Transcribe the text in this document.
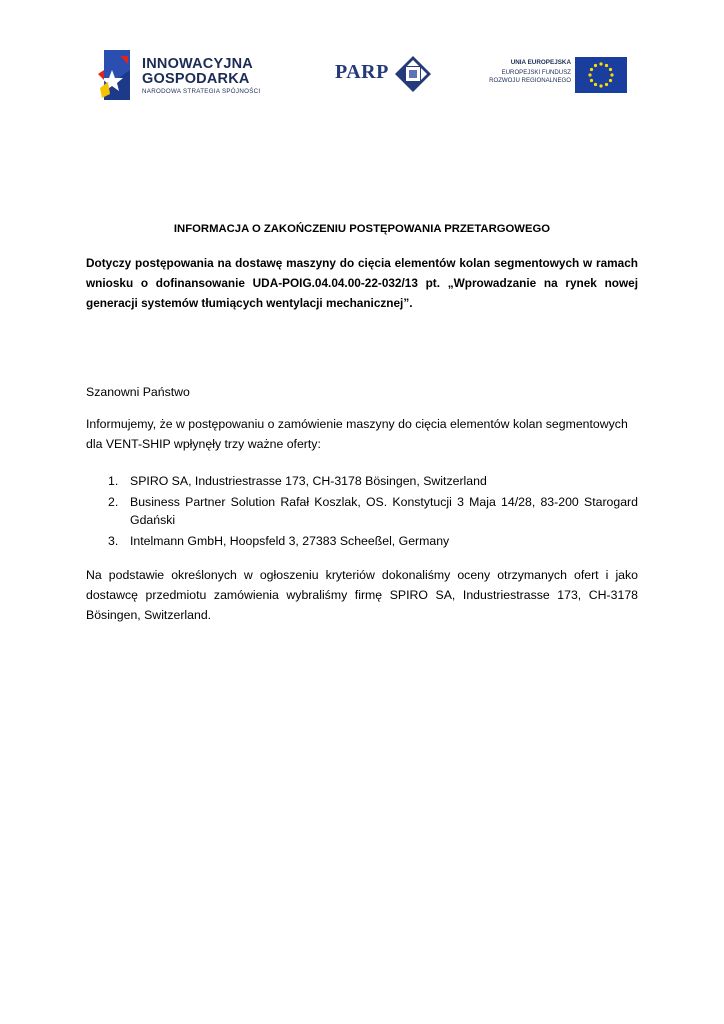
INNOWACYJNA
GOSPODARKA
NARODOWA STRATEGIA SPÓJNOŚCI
PARP	UNIA EUROPEJSKA
EUROPEJSKI FUNDUSZ
ROZWOJU REGIONALNEGO
INFORMACJA O ZAKOŃCZENIU POSTĘPOWANIA PRZETARGOWEGO
Dotyczy postępowania na dostawę maszyny do cięcia elementów kolan segmentowych w ramach
wniosku o dofinansowanie UDA-POIG.04.04.00-22-032/13 pt. „Wprowadzanie na rynek nowej
generacji systemów tłumiących wentylacji mechanicznej”.
Szanowni Państwo
Informujemy, że w postępowaniu o zamówienie maszyny do cięcia elementów kolan segmentowych dla VENT-SHIP wpłynęły trzy ważne oferty:
1. SPIRO SA, Industriestrasse 173, CH-3178 Bösingen, Switzerland
2. Business Partner Solution Rafał Koszlak, OS. Konstytucji 3 Maja 14/28, 83-200 Starogard Gdański
3. Intelmann GmbH, Hoopsfeld 3, 27383 Scheeßel, Germany
Na podstawie określonych w ogłoszeniu kryteriów dokonaliśmy oceny otrzymanych ofert i jako dostawcę przedmiotu zamówienia wybraliśmy firmę SPIRO SA, Industriestrasse 173, CH-3178 Bösingen, Switzerland.
